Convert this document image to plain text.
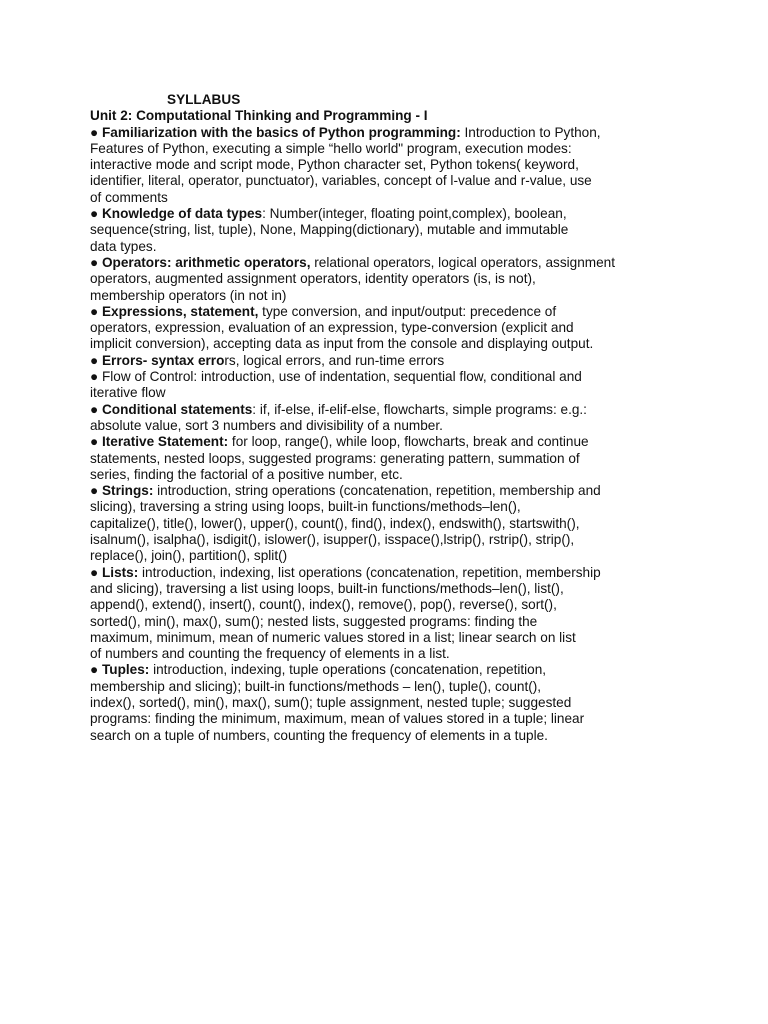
SYLLABUS
Unit 2: Computational Thinking and Programming - I
● Familiarization with the basics of Python programming: Introduction to Python,
Features of Python, executing a simple “hello world" program, execution modes:
interactive mode and script mode, Python character set, Python tokens( keyword,
identifier, literal, operator, punctuator), variables, concept of l-value and r-value, use
of comments
● Knowledge of data types: Number(integer, floating point,complex), boolean,
sequence(string, list, tuple), None, Mapping(dictionary), mutable and immutable
data types.
● Operators: arithmetic operators, relational operators, logical operators, assignment
operators, augmented assignment operators, identity operators (is, is not),
membership operators (in not in)
● Expressions, statement, type conversion, and input/output: precedence of
operators, expression, evaluation of an expression, type-conversion (explicit and
implicit conversion), accepting data as input from the console and displaying output.
● Errors- syntax errors, logical errors, and run-time errors
● Flow of Control: introduction, use of indentation, sequential flow, conditional and
iterative flow
● Conditional statements: if, if-else, if-elif-else, flowcharts, simple programs: e.g.:
absolute value, sort 3 numbers and divisibility of a number.
● Iterative Statement: for loop, range(), while loop, flowcharts, break and continue
statements, nested loops, suggested programs: generating pattern, summation of
series, finding the factorial of a positive number, etc.
● Strings: introduction, string operations (concatenation, repetition, membership and
slicing), traversing a string using loops, built-in functions/methods–len(),
capitalize(), title(), lower(), upper(), count(), find(), index(), endswith(), startswith(),
isalnum(), isalpha(), isdigit(), islower(), isupper(), isspace(),lstrip(), rstrip(), strip(),
replace(), join(), partition(), split()
● Lists: introduction, indexing, list operations (concatenation, repetition, membership
and slicing), traversing a list using loops, built-in functions/methods–len(), list(),
append(), extend(), insert(), count(), index(), remove(), pop(), reverse(), sort(),
sorted(), min(), max(), sum(); nested lists, suggested programs: finding the
maximum, minimum, mean of numeric values stored in a list; linear search on list
of numbers and counting the frequency of elements in a list.
● Tuples: introduction, indexing, tuple operations (concatenation, repetition,
membership and slicing); built-in functions/methods – len(), tuple(), count(),
index(), sorted(), min(), max(), sum(); tuple assignment, nested tuple; suggested
programs: finding the minimum, maximum, mean of values stored in a tuple; linear
search on a tuple of numbers, counting the frequency of elements in a tuple.
